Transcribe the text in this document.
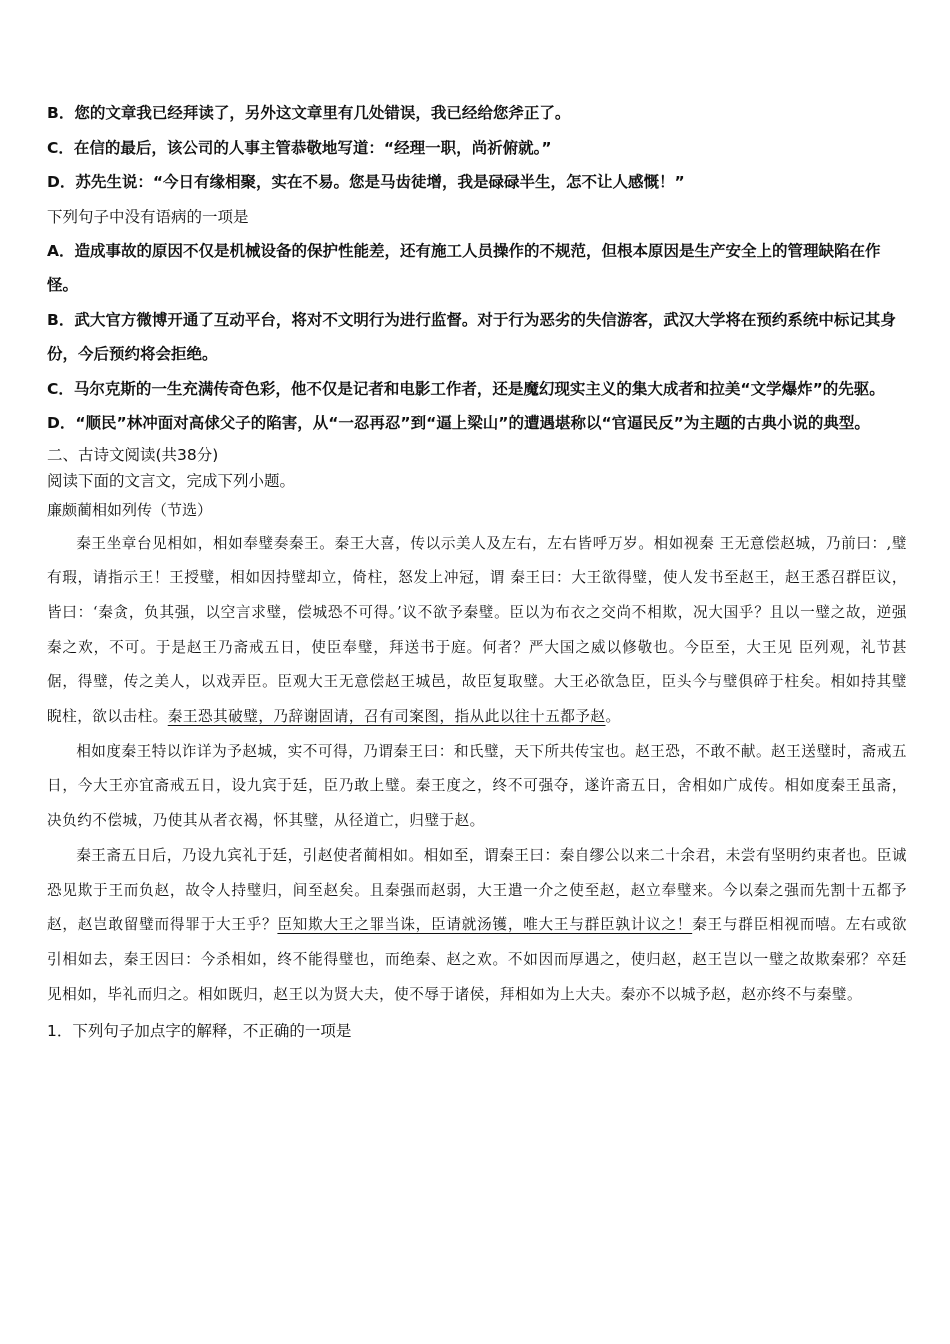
B．您的文章我已经拜读了，另外这文章里有几处错误，我已经给您斧正了。
C．在信的最后，该公司的人事主管恭敬地写道：“经理一职，尚祈俯就。”
D．苏先生说：“今日有缘相聚，实在不易。您是马齿徒增，我是碌碌半生，怎不让人感慨！”
下列句子中没有语病的一项是
A．造成事故的原因不仅是机械设备的保护性能差，还有施工人员操作的不规范，但根本原因是生产安全上的管理缺陷在作怪。
B．武大官方微博开通了互动平台，将对不文明行为进行监督。对于行为恶劣的失信游客，武汉大学将在预约系统中标记其身份，今后预约将会拒绝。
C．马尔克斯的一生充满传奇色彩，他不仅是记者和电影工作者，还是魔幻现实主义的集大成者和拉美“文学爆炸”的先驱。
D．“顺民”林冲面对高俅父子的陷害，从“一忍再忍”到“逼上梁山”的遭遇堪称以“官逼民反”为主题的古典小说的典型。
二、古诗文阅读(共38分)
阅读下面的文言文，完成下列小题。
廉颇蔺相如列传（节选）
秦王坐章台见相如，相如奉璧奏秦王。秦王大喜，传以示美人及左右，左右皆呼万岁。相如视秦 王无意偿赵城，乃前曰：,璧有瑕，请指示王！王授璧，相如因持璧却立，倚柱，怒发上冲冠，谓 秦王曰：大王欲得璧，使人发书至赵王，赵王悉召群臣议，皆曰：‘秦贪，负其强，以空言求璧，偿城恐不可得。’议不欲予秦璧。臣以为布衣之交尚不相欺，况大国乎？且以一璧之故，逆强秦之欢，不可。于是赵王乃斋戒五日，使臣奉璧，拜送书于庭。何者？严大国之威以修敬也。今臣至，大王见 臣列观，礼节甚倨，得璧，传之美人，以戏弄臣。臣观大王无意偿赵王城邑，故臣复取璧。大王必欲急臣，臣头今与璧俱碎于柱矣。相如持其璧睨柱，欲以击柱。秦王恐其破璧，乃辞谢固请，召有司案图，指从此以往十五都予赵。
相如度秦王特以诈详为予赵城，实不可得，乃谓秦王曰：和氏璧，天下所共传宝也。赵王恐，不敢不献。赵王送璧时，斋戒五日，今大王亦宜斋戒五日，设九宾于廷，臣乃敢上璧。秦王度之，终不可强夺，遂许斋五日，舍相如广成传。相如度秦王虽斋，决负约不偿城，乃使其从者衣褐，怀其璧，从径道亡，归璧于赵。
秦王斋五日后，乃设九宾礼于廷，引赵使者蔺相如。相如至，谓秦王曰：秦自缪公以来二十余君，未尝有坚明约束者也。臣诚恐见欺于王而负赵，故令人持璧归，间至赵矣。且秦强而赵弱，大王遣一介之使至赵，赵立奉璧来。今以秦之强而先割十五都予赵，赵岂敢留璧而得罪于大王乎？臣知欺大王之罪当诛，臣请就汤镬，唯大王与群臣孰计议之！秦王与群臣相视而嘻。左右或欲引相如去，秦王因曰：今杀相如，终不能得璧也，而绝秦、赵之欢。不如因而厚遇之，使归赵，赵王岂以一璧之故欺秦邪？卒廷见相如，毕礼而归之。相如既归，赵王以为贤大夫，使不辱于诸侯，拜相如为上大夫。秦亦不以城予赵，赵亦终不与秦璧。
1．下列句子加点字的解释，不正确的一项是
